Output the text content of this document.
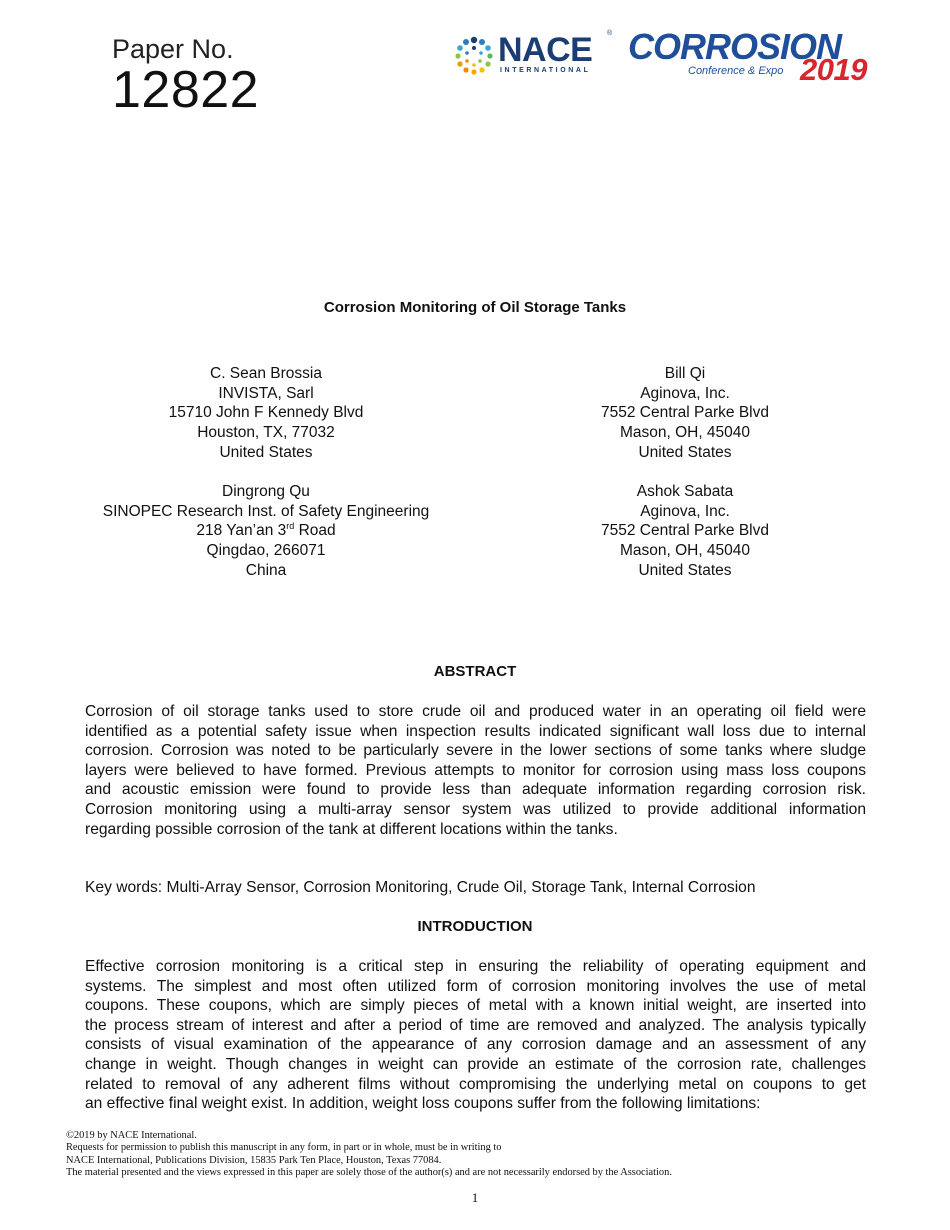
Paper No.
12822
NACE ®
INTERNATIONAL
CORROSION
Conference & Expo 2019
Corrosion Monitoring of Oil Storage Tanks
C. Sean Brossia
INVISTA, Sarl
15710 John F Kennedy Blvd
Houston, TX, 77032
United States
Bill Qi
Aginova, Inc.
7552 Central Parke Blvd
Mason, OH, 45040
United States
Dingrong Qu
SINOPEC Research Inst. of Safety Engineering
218 Yan’an 3rd Road
Qingdao, 266071
China
Ashok Sabata
Aginova, Inc.
7552 Central Parke Blvd
Mason, OH, 45040
United States
ABSTRACT
Corrosion of oil storage tanks used to store crude oil and produced water in an operating oil field were
identified as a potential safety issue when inspection results indicated significant wall loss due to internal
corrosion. Corrosion was noted to be particularly severe in the lower sections of some tanks where sludge
layers were believed to have formed. Previous attempts to monitor for corrosion using mass loss coupons
and acoustic emission were found to provide less than adequate information regarding corrosion risk.
Corrosion monitoring using a multi-array sensor system was utilized to provide additional information
regarding possible corrosion of the tank at different locations within the tanks.
Key words: Multi-Array Sensor, Corrosion Monitoring, Crude Oil, Storage Tank, Internal Corrosion
INTRODUCTION
Effective corrosion monitoring is a critical step in ensuring the reliability of operating equipment and
systems. The simplest and most often utilized form of corrosion monitoring involves the use of metal
coupons. These coupons, which are simply pieces of metal with a known initial weight, are inserted into
the process stream of interest and after a period of time are removed and analyzed. The analysis typically
consists of visual examination of the appearance of any corrosion damage and an assessment of any
change in weight. Though changes in weight can provide an estimate of the corrosion rate, challenges
related to removal of any adherent films without compromising the underlying metal on coupons to get
an effective final weight exist. In addition, weight loss coupons suffer from the following limitations:
©2019 by NACE International.
Requests for permission to publish this manuscript in any form, in part or in whole, must be in writing to
NACE International, Publications Division, 15835 Park Ten Place, Houston, Texas 77084.
The material presented and the views expressed in this paper are solely those of the author(s) and are not necessarily endorsed by the Association.
1
